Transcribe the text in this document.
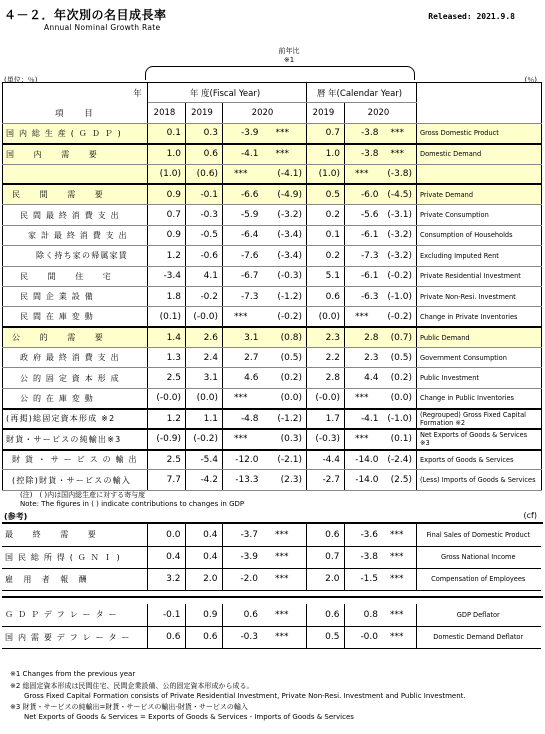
４－２．年次別の名目成長率
Annual Nominal Growth Rate
Released: 2021.9.8
前年比
※1
(単位：％)	(％)
年	年 度(Fiscal Year)				暦 年(Calendar Year)			
項　　目	2018	2019	2020		2019	2020		
国 内 総 生 産 ( Ｇ Ｄ Ｐ )	0.1	0.3	-3.9	***	0.7	-3.8	***	Gross Domestic Product
国　　内　　需　　要	1.0	0.6	-4.1	***	1.0	-3.8	***	Domestic Demand
	(1.0)	(0.6)	***	(-4.1)	(1.0)	***	(-3.8)	
民　　間　　需　　要	0.9	-0.1	-6.6	(-4.9)	0.5	-6.0	(-4.5)	Private Demand
民 間 最 終 消 費 支 出	0.7	-0.3	-5.9	(-3.2)	0.2	-5.6	(-3.1)	Private Consumption
家 計 最 終 消 費 支 出	0.9	-0.5	-6.4	(-3.4)	0.1	-6.1	(-3.2)	Consumption of Households
除く持ち家の帰属家賃	1.2	-0.6	-7.6	(-3.4)	0.2	-7.3	(-3.2)	Excluding Imputed Rent
民　　間　　住　　宅	-3.4	4.1	-6.7	(-0.3)	5.1	-6.1	(-0.2)	Private Residential Investment
民 間 企 業 設 備	1.8	-0.2	-7.3	(-1.2)	0.6	-6.3	(-1.0)	Private Non-Resi. Investment
民 間 在 庫 変 動	(0.1)	(-0.0)	***	(-0.2)	(0.0)	***	(-0.2)	Change in Private Inventories
公　　的　　需　　要	1.4	2.6	3.1	(0.8)	2.3	2.8	(0.7)	Public Demand
政 府 最 終 消 費 支 出	1.3	2.4	2.7	(0.5)	2.2	2.3	(0.5)	Government Consumption
公 的 固 定 資 本 形 成	2.5	3.1	4.6	(0.2)	2.8	4.4	(0.2)	Public Investment
公 的 在 庫 変 動	(-0.0)	(0.0)	***	(0.0)	(-0.0)	***	(0.0)	Change in Public Inventories
(再掲)総固定資本形成 ※2	1.2	1.1	-4.8	(-1.2)	1.7	-4.1	(-1.0)	(Regrouped) Gross Fixed Capital Formation ※2
財貨・サービスの純輸出※3	(-0.9)	(-0.2)	***	(0.3)	(-0.3)	***	(0.1)	Net Exports of Goods & Services ※3
財 貨 ・ サ ー ビ ス の 輸 出	2.5	-5.4	-12.0	(-2.1)	-4.4	-14.0	(-2.4)	Exports of Goods & Services
(控除)財貨・サービスの輸入	7.7	-4.2	-13.3	(2.3)	-2.7	-14.0	(2.5)	(Less) Imports of Goods & Services
(注)　( )内は国内総生産に対する寄与度
Note: The figures in ( ) indicate contributions to changes in GDP
(参考)	(cf)
最　　終　　需　　要	0.0	0.4	-3.7	***	0.6	-3.6	***	Final Sales of Domestic Product
国 民 総 所 得 ( Ｇ Ｎ Ｉ )	0.4	0.4	-3.9	***	0.7	-3.8	***	Gross National Income
雇　用　者　報　酬	3.2	2.0	-2.0	***	2.0	-1.5	***	Compensation of Employees
Ｇ Ｄ Ｐ デ フ レ ー タ ー	-0.1	0.9	0.6	***	0.6	0.8	***	GDP Deflator
国 内 需 要 デ フ レ ー タ ー	0.6	0.6	-0.3	***	0.5	-0.0	***	Domestic Demand Deflator
※1 Changes from the previous year
※2 総固定資本形成は民間住宅、民間企業設備、公的固定資本形成から成る。
　　Gross Fixed Capital Formation consists of Private Residential Investment, Private Non-Resi. Investment and Public Investment.
※3 財貨・サービスの純輸出=財貨・サービスの輸出-財貨・サービスの輸入
　　Net Exports of Goods & Services = Exports of Goods & Services - Imports of Goods & Services
